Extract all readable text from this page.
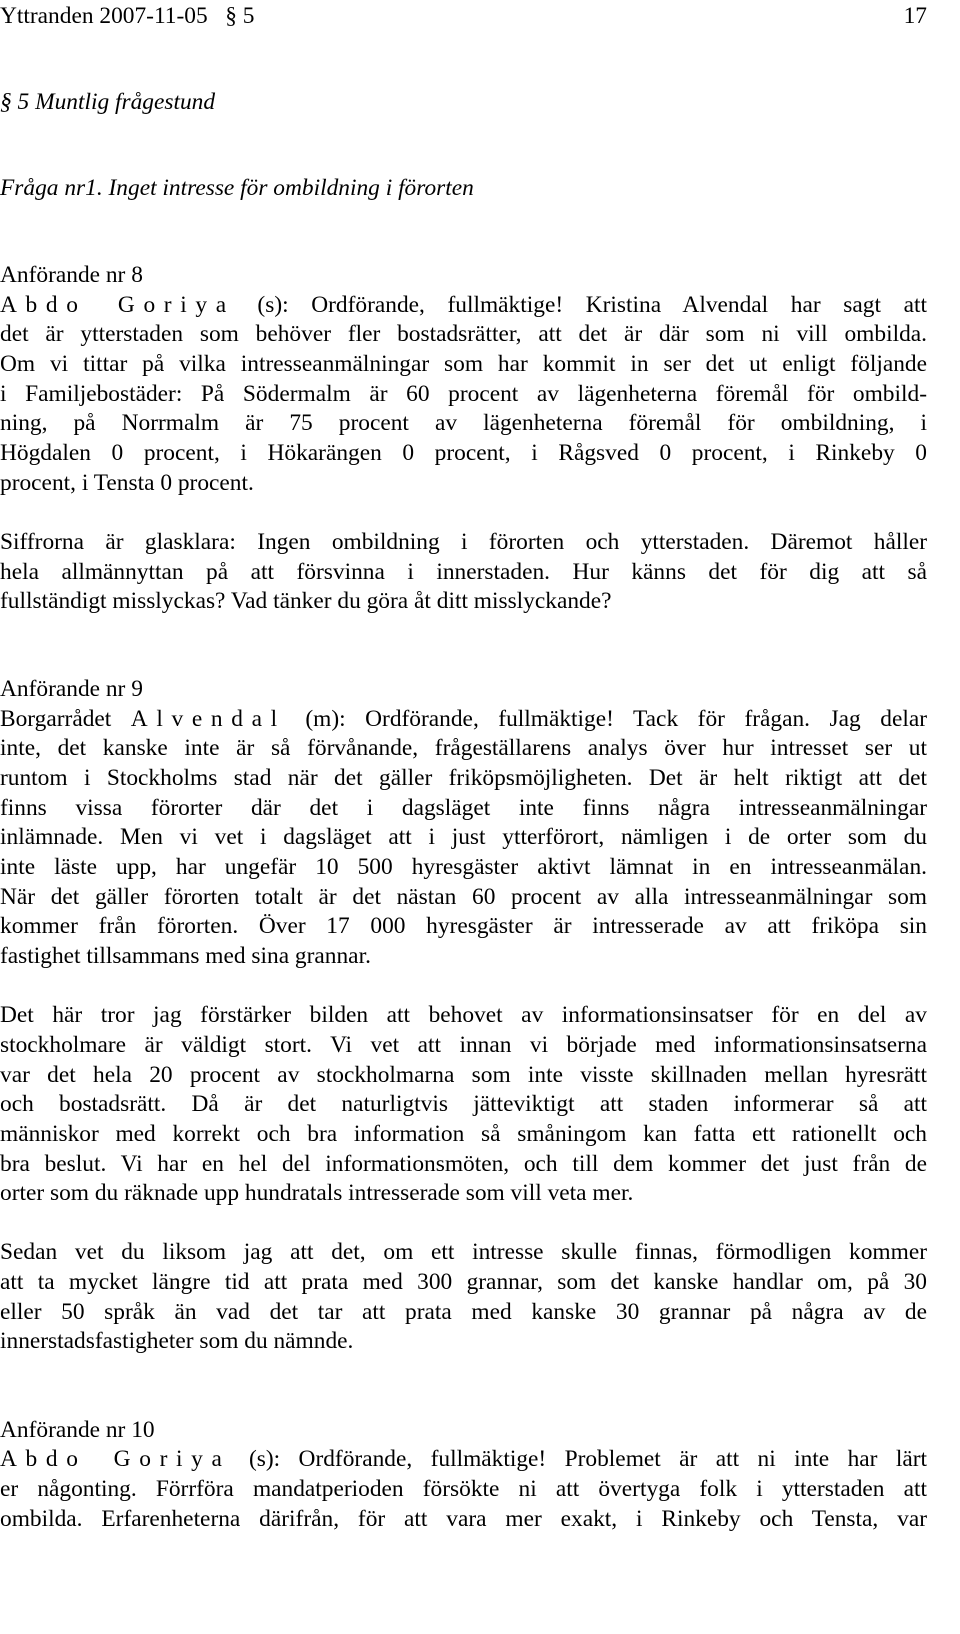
Yttranden 2007-11-05   § 5	17
§ 5 Muntlig frågestund
Fråga nr1. Inget intresse för ombildning i förorten
Anförande nr 8
Abdo Goriya (s): Ordförande, fullmäktige! Kristina Alvendal har sagt att
det är ytterstaden som behöver fler bostadsrätter, att det är där som ni vill ombilda.
Om vi tittar på vilka intresseanmälningar som har kommit in ser det ut enligt följande
i Familjebostäder: På Södermalm är 60 procent av lägenheterna föremål för ombild-
ning, på Norrmalm är 75 procent av lägenheterna föremål för ombildning, i
Högdalen 0 procent, i Hökarängen 0 procent, i Rågsved 0 procent, i Rinkeby 0
procent, i Tensta 0 procent.
Siffrorna är glasklara: Ingen ombildning i förorten och ytterstaden. Däremot håller
hela allmännyttan på att försvinna i innerstaden. Hur känns det för dig att så
fullständigt misslyckas? Vad tänker du göra åt ditt misslyckande?
Anförande nr 9
Borgarrådet Alvendal (m): Ordförande, fullmäktige! Tack för frågan. Jag delar
inte, det kanske inte är så förvånande, frågeställarens analys över hur intresset ser ut
runtom i Stockholms stad när det gäller friköpsmöjligheten. Det är helt riktigt att det
finns vissa förorter där det i dagsläget inte finns några intresseanmälningar
inlämnade. Men vi vet i dagsläget att i just ytterförort, nämligen i de orter som du
inte läste upp, har ungefär 10 500 hyresgäster aktivt lämnat in en intresseanmälan.
När det gäller förorten totalt är det nästan 60 procent av alla intresseanmälningar som
kommer från förorten. Över 17 000 hyresgäster är intresserade av att friköpa sin
fastighet tillsammans med sina grannar.
Det här tror jag förstärker bilden att behovet av informationsinsatser för en del av
stockholmare är väldigt stort. Vi vet att innan vi började med informationsinsatserna
var det hela 20 procent av stockholmarna som inte visste skillnaden mellan hyresrätt
och bostadsrätt. Då är det naturligtvis jätteviktigt att staden informerar så att
människor med korrekt och bra information så småningom kan fatta ett rationellt och
bra beslut. Vi har en hel del informationsmöten, och till dem kommer det just från de
orter som du räknade upp hundratals intresserade som vill veta mer.
Sedan vet du liksom jag att det, om ett intresse skulle finnas, förmodligen kommer
att ta mycket längre tid att prata med 300 grannar, som det kanske handlar om, på 30
eller 50 språk än vad det tar att prata med kanske 30 grannar på några av de
innerstadsfastigheter som du nämnde.
Anförande nr 10
Abdo Goriya (s): Ordförande, fullmäktige! Problemet är att ni inte har lärt
er någonting. Förrföra mandatperioden försökte ni att övertyga folk i ytterstaden att
ombilda. Erfarenheterna därifrån, för att vara mer exakt, i Rinkeby och Tensta, var
